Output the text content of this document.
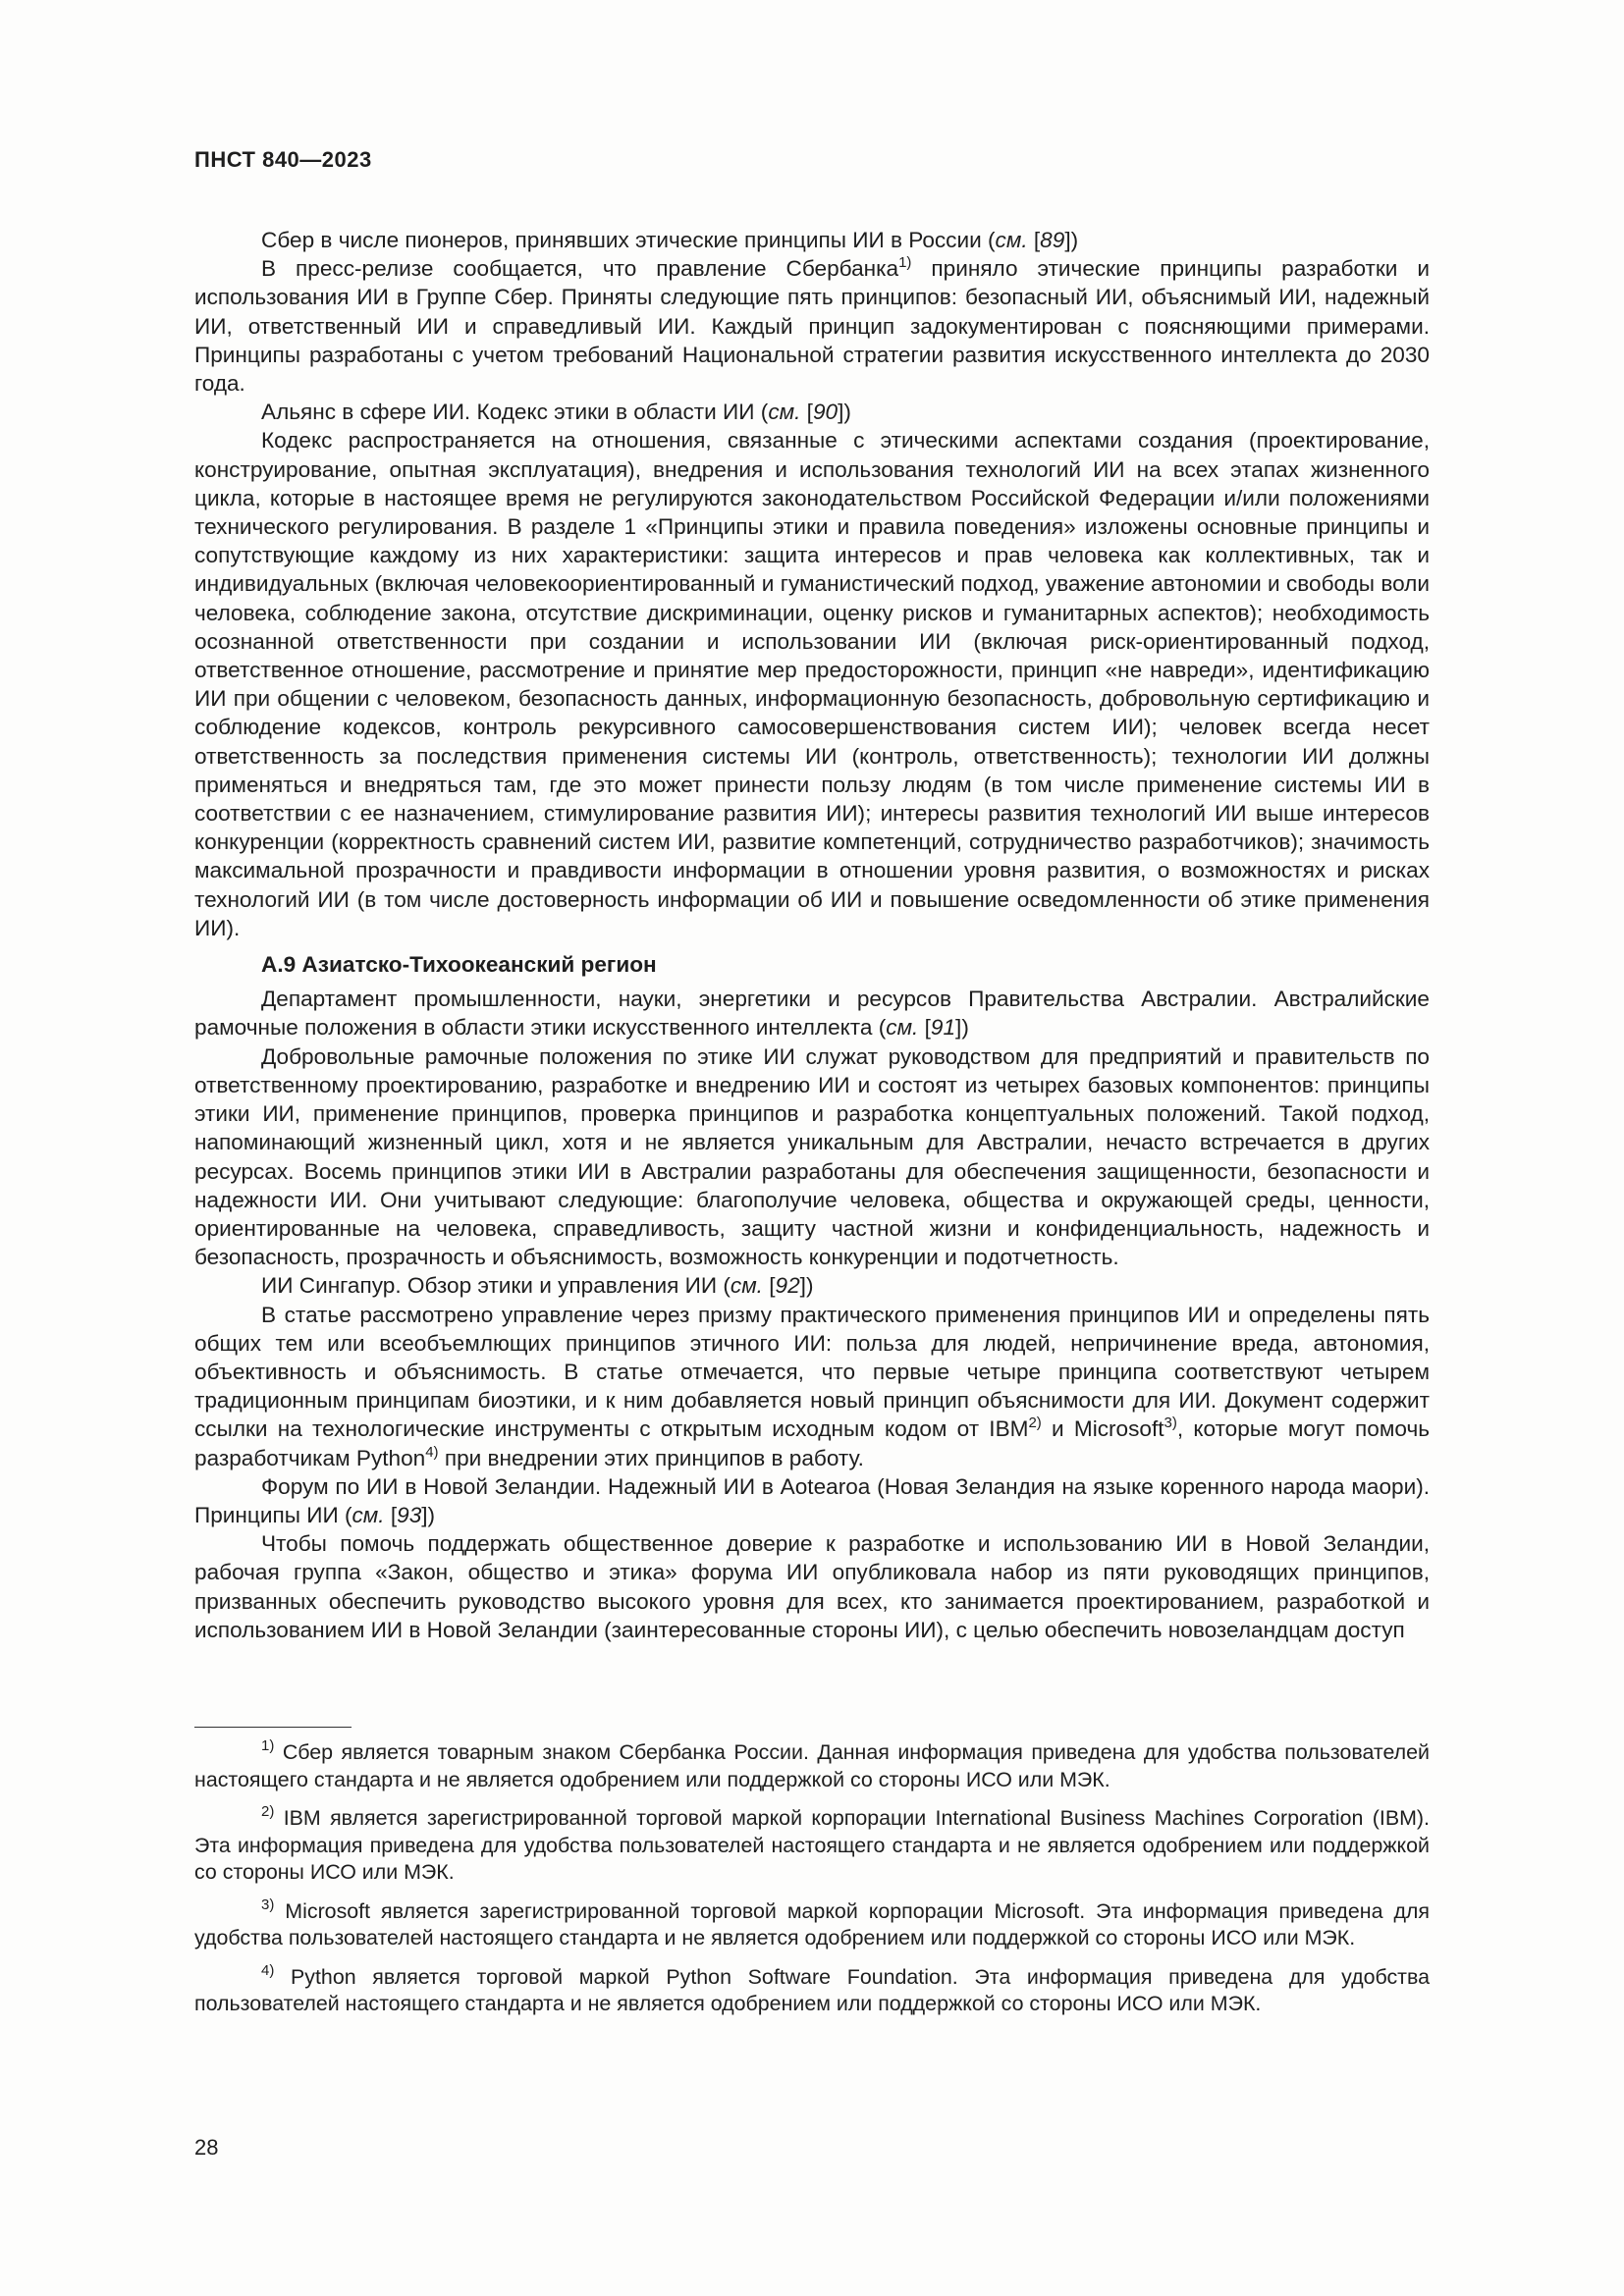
ПНСТ 840—2023

Сбер в числе пионеров, принявших этические принципы ИИ в России (см. [89])

В пресс-релизе сообщается, что правление Сбербанка$^{1)}$ приняло этические принципы разработки и использования ИИ в Группе Сбер. Приняты следующие пять принципов: безопасный ИИ, объяснимый ИИ, надежный ИИ, ответственный ИИ и справедливый ИИ. Каждый принцип задокументирован с поясняющими примерами. Принципы разработаны с учетом требований Национальной стратегии развития искусственного интеллекта до 2030 года.

Альянс в сфере ИИ. Кодекс этики в области ИИ (см. [90])

Кодекс распространяется на отношения, связанные с этическими аспектами создания (проектирование, конструирование, опытная эксплуатация), внедрения и использования технологий ИИ на всех этапах жизненного цикла, которые в настоящее время не регулируются законодательством Российской Федерации и/или положениями технического регулирования. В разделе 1 «Принципы этики и правила поведения» изложены основные принципы и сопутствующие каждому из них характеристики: защита интересов и прав человека как коллективных, так и индивидуальных (включая человекоориентированный и гуманистический подход, уважение автономии и свободы воли человека, соблюдение закона, отсутствие дискриминации, оценку рисков и гуманитарных аспектов); необходимость осознанной ответственности при создании и использовании ИИ (включая риск-ориентированный подход, ответственное отношение, рассмотрение и принятие мер предосторожности, принцип «не навреди», идентификацию ИИ при общении с человеком, безопасность данных, информационную безопасность, добровольную сертификацию и соблюдение кодексов, контроль рекурсивного самосовершенствования систем ИИ); человек всегда несет ответственность за последствия применения системы ИИ (контроль, ответственность); технологии ИИ должны применяться и внедряться там, где это может принести пользу людям (в том числе применение системы ИИ в соответствии с ее назначением, стимулирование развития ИИ); интересы развития технологий ИИ выше интересов конкуренции (корректность сравнений систем ИИ, развитие компетенций, сотрудничество разработчиков); значимость максимальной прозрачности и правдивости информации в отношении уровня развития, о возможностях и рисках технологий ИИ (в том числе достоверность информации об ИИ и повышение осведомленности об этике применения ИИ).

А.9 Азиатско-Тихоокеанский регион

Департамент промышленности, науки, энергетики и ресурсов Правительства Австралии. Австралийские рамочные положения в области этики искусственного интеллекта (см. [91])

Добровольные рамочные положения по этике ИИ служат руководством для предприятий и правительств по ответственному проектированию, разработке и внедрению ИИ и состоят из четырех базовых компонентов: принципы этики ИИ, применение принципов, проверка принципов и разработка концептуальных положений. Такой подход, напоминающий жизненный цикл, хотя и не является уникальным для Австралии, нечасто встречается в других ресурсах. Восемь принципов этики ИИ в Австралии разработаны для обеспечения защищенности, безопасности и надежности ИИ. Они учитывают следующие: благополучие человека, общества и окружающей среды, ценности, ориентированные на человека, справедливость, защиту частной жизни и конфиденциальность, надежность и безопасность, прозрачность и объяснимость, возможность конкуренции и подотчетность.

ИИ Сингапур. Обзор этики и управления ИИ (см. [92])

В статье рассмотрено управление через призму практического применения принципов ИИ и определены пять общих тем или всеобъемлющих принципов этичного ИИ: польза для людей, непричинение вреда, автономия, объективность и объяснимость. В статье отмечается, что первые четыре принципа соответствуют четырем традиционным принципам биоэтики, и к ним добавляется новый принцип объяснимости для ИИ. Документ содержит ссылки на технологические инструменты с открытым исходным кодом от IBM$^{2)}$ и Microsoft$^{3)}$, которые могут помочь разработчикам Python$^{4)}$ при внедрении этих принципов в работу.

Форум по ИИ в Новой Зеландии. Надежный ИИ в Aotearoa (Новая Зеландия на языке коренного народа маори). Принципы ИИ (см. [93])

Чтобы помочь поддержать общественное доверие к разработке и использованию ИИ в Новой Зеландии, рабочая группа «Закон, общество и этика» форума ИИ опубликовала набор из пяти руководящих принципов, призванных обеспечить руководство высокого уровня для всех, кто занимается проектированием, разработкой и использованием ИИ в Новой Зеландии (заинтересованные стороны ИИ), с целью обеспечить новозеландцам доступ

$^{1)}$ Сбер является товарным знаком Сбербанка России. Данная информация приведена для удобства пользователей настоящего стандарта и не является одобрением или поддержкой со стороны ИСО или МЭК.

$^{2)}$ IBM является зарегистрированной торговой маркой корпорации International Business Machines Corporation (IBM). Эта информация приведена для удобства пользователей настоящего стандарта и не является одобрением или поддержкой со стороны ИСО или МЭК.

$^{3)}$ Microsoft является зарегистрированной торговой маркой корпорации Microsoft. Эта информация приведена для удобства пользователей настоящего стандарта и не является одобрением или поддержкой со стороны ИСО или МЭК.

$^{4)}$ Python является торговой маркой Python Software Foundation. Эта информация приведена для удобства пользователей настоящего стандарта и не является одобрением или поддержкой со стороны ИСО или МЭК.

28
